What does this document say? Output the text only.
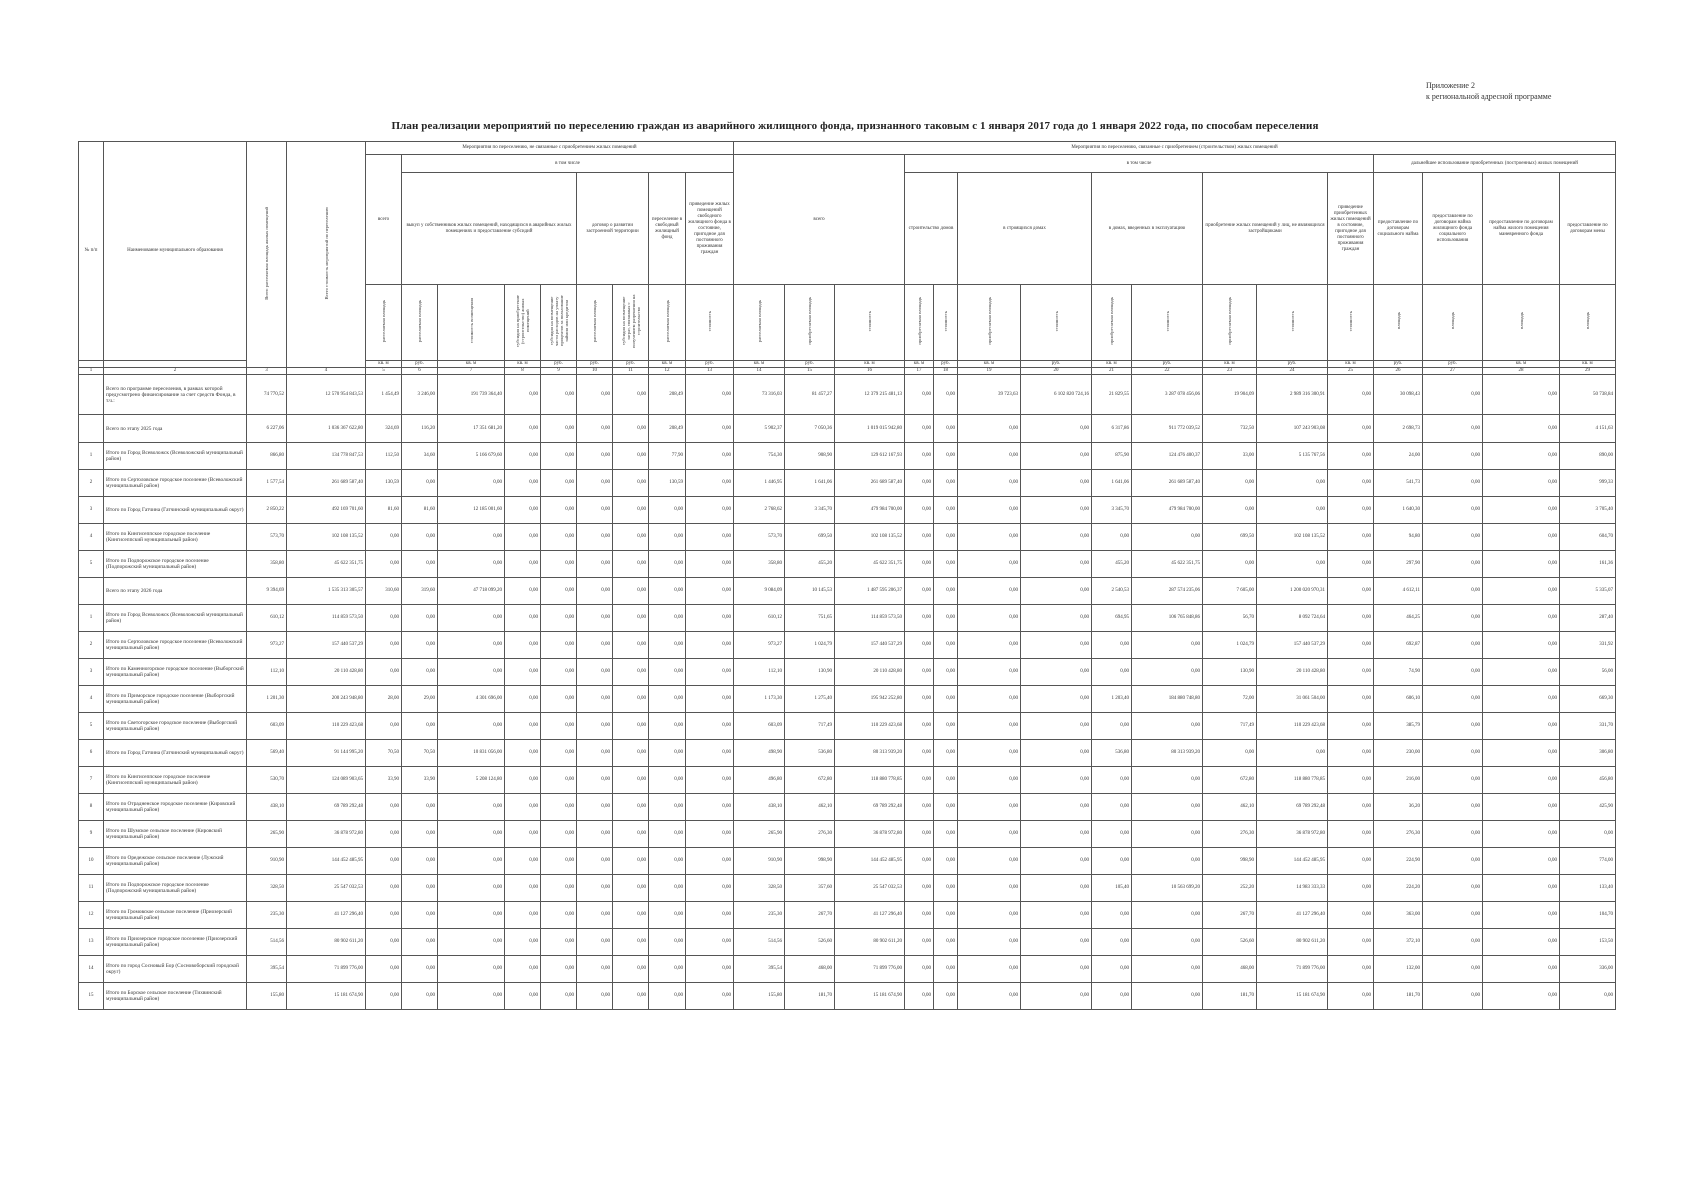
Приложение 2
к региональной адресной программе
План реализации мероприятий по переселению граждан из аварийного жилищного фонда, признанного таковым с 1 января 2017 года до 1 января 2022 года, по способам переселения
№ п/п	Наименование муниципального образования	Всего расселяемая площадь жилых помещений	Всего стоимость мероприятий по переселению	Мероприятия по переселению, не связанные с приобретением жилых помещений									Мероприятия по переселению, связанные с приобретением (строительством) жилых помещений															
				всего	в том числе								всего			в том числе									дальнейшее использование приобретенных (построенных) жилых помещений			
					выкуп у собственников жилых помещений, находящихся в аварийных жилых помещениях и предоставление субсидий				договор о развитии застроенной территории		переселение в свободный жилищный фонд	приведение жилых помещений свободного жилищного фонда в состояние, пригодное для постоянного проживания граждан				строительство домов		в строящихся домах		в домах, введенных в эксплуатацию		приобретение жилых помещений у лиц, не являющихся застройщиками		приведение приобретенных жилых помещений в состояние, пригодное для постоянного проживания граждан	предоставление по договорам социального найма	предоставление по договорам найма жилищного фонда социального использования	предоставление по договорам найма жилого помещения маневренного фонда	предоставление по договорам мены
				расселяемая площадь	расселяемая площадь	стоимость возмещения	субсидия на приобретение (строительство) жилых помещений	субсидия на возмещение части расходов на уплату процентов за пользование займом или кредитом	расселяемая площадь	субсидия на возмещение затрат, связанных с получением разрешения на строительство	расселяемая площадь	стоимость	расселяемая площадь	приобретаемая площадь	стоимость	приобретаемая площадь	стоимость	приобретаемая площадь	стоимость	приобретаемая площадь	стоимость	приобретаемая площадь	стоимость	стоимость	площадь	площадь	площадь	площадь
				кв. м	руб.	кв. м	кв. м	руб.	руб.	руб.	кв. м	руб.	кв. м	руб.	кв. м	кв. м	руб.	кв. м	руб.	кв. м	руб.	кв. м	руб.	кв. м	руб.	руб.	кв. м	кв. м
1	2	3	4	5	6	7	8	9	10	11	12	13	14	15	16	17	18	19	20	21	22	23	24	25	26	27	28	29
	Всего по программе переселения, в рамках которой предусмотрено финансирование за счет средств Фонда, в т.ч.:	74 770,52	12 570 954 843,53	1 454,49	3 246,00	191 739 364,40	0,00	0,00	0,00	0,00	208,49	0,00	73 316,03	81 457,27	12 379 215 481,13	0,00	0,00	39 723,63	6 102 820 724,16	21 829,55	3 287 078 456,06	19 904,09	2 989 316 300,91	0,00	30 098,43	0,00	0,00	50 738,84
	Всего по этапу 2025 года	6 227,06	1 036 367 622,80	324,69	116,20	17 351 681,20	0,00	0,00	0,00	0,00	208,49	0,00	5 902,37	7 050,36	1 019 015 942,80	0,00	0,00	0,00	0,00	6 317,86	911 772 039,52	732,50	107 243 903,08	0,00	2 698,73	0,00	0,00	4 151,63
1	Итого по Город Всеволожск (Всеволожский муниципальный район)	866,80	134 778 847,53	112,50	34,60	5 166 679,60	0,00	0,00	0,00	0,00	77,90	0,00	754,30	908,90	129 612 167,93	0,00	0,00	0,00	0,00	875,90	124 476 400,37	33,00	5 135 767,56	0,00	24,00	0,00	0,00	890,00
2	Итого по Сертоловское городское поселение (Всеволожский муниципальный район)	1 577,54	261 689 587,40	130,59	0,00	0,00	0,00	0,00	0,00	0,00	130,59	0,00	1 446,95	1 641,06	261 689 587,40	0,00	0,00	0,00	0,00	1 641,06	261 689 587,40	0,00	0,00	0,00	541,73	0,00	0,00	999,33
3	Итого по Город Гатчина (Гатчинский муниципальный округ)	2 850,22	492 169 701,60	81,60	81,60	12 185 001,60	0,00	0,00	0,00	0,00	0,00	0,00	2 768,62	3 345,70	479 984 700,00	0,00	0,00	0,00	0,00	3 345,70	479 984 700,00	0,00	0,00	0,00	1 640,30	0,00	0,00	3 705,40
4	Итого по Кингисеппское городское поселение (Кингисеппский муниципальный район)	573,70	102 108 135,52	0,00	0,00	0,00	0,00	0,00	0,00	0,00	0,00	0,00	573,70	699,50	102 108 135,52	0,00	0,00	0,00	0,00	0,00	0,00	699,50	102 108 135,52	0,00	94,80	0,00	0,00	604,70
5	Итого по Подпорожское городское поселение (Подпорожский муниципальный район)	358,80	45 622 351,75	0,00	0,00	0,00	0,00	0,00	0,00	0,00	0,00	0,00	358,80	455,20	45 622 351,75	0,00	0,00	0,00	0,00	455,20	45 622 351,75	0,00	0,00	0,00	297,90	0,00	0,00	161,36
	Всего по этапу 2026 года	9 394,69	1 535 313 305,57	310,60	319,60	47 718 099,20	0,00	0,00	0,00	0,00	0,00	0,00	9 084,09	10 145,53	1 487 595 206,37	0,00	0,00	0,00	0,00	2 540,53	287 574 235,06	7 605,00	1 200 020 970,31	0,00	4 612,11	0,00	0,00	5 335,07
1	Итого по Город Всеволожск (Всеволожский муниципальный район)	610,12	114 859 573,50	0,00	0,00	0,00	0,00	0,00	0,00	0,00	0,00	0,00	610,12	751,65	114 859 573,50	0,00	0,00	0,00	0,00	694,95	106 765 848,86	56,70	8 092 724,64	0,00	464,25	0,00	0,00	287,40
2	Итого по Сертоловское городское поселение (Всеволожский муниципальный район)	973,27	157 440 537,29	0,00	0,00	0,00	0,00	0,00	0,00	0,00	0,00	0,00	973,27	1 024,79	157 440 537,29	0,00	0,00	0,00	0,00	0,00	0,00	1 024,79	157 440 537,29	0,00	692,87	0,00	0,00	331,92
3	Итого по Каменногорское городское поселение (Выборгский муниципальный район)	112,10	20 110 428,80	0,00	0,00	0,00	0,00	0,00	0,00	0,00	0,00	0,00	112,10	130,90	20 110 428,80	0,00	0,00	0,00	0,00	0,00	0,00	130,90	20 110 428,80	0,00	74,90	0,00	0,00	56,00
4	Итого по Приморское городское поселение (Выборгский муниципальный район)	1 201,30	200 243 948,80	28,00	29,00	4 301 696,00	0,00	0,00	0,00	0,00	0,00	0,00	1 173,30	1 275,40	195 942 252,80	0,00	0,00	0,00	0,00	1 203,40	184 880 748,80	72,00	31 061 504,00	0,00	606,10	0,00	0,00	669,30
5	Итого по Светогорское городское поселение (Выборгский муниципальный район)	603,09	110 229 423,68	0,00	0,00	0,00	0,00	0,00	0,00	0,00	0,00	0,00	603,09	717,49	110 229 423,68	0,00	0,00	0,00	0,00	0,00	0,00	717,49	110 229 423,68	0,00	385,79	0,00	0,00	331,70
6	Итого по Город Гатчина (Гатчинский муниципальный округ)	569,40	91 144 995,20	70,50	70,50	10 831 056,00	0,00	0,00	0,00	0,00	0,00	0,00	498,90	536,80	80 313 939,20	0,00	0,00	0,00	0,00	536,80	80 313 939,20	0,00	0,00	0,00	230,00	0,00	0,00	306,80
7	Итого по Кингисеппское городское поселение (Кингисеппский муниципальный район)	530,70	124 089 903,65	33,90	33,90	5 208 124,80	0,00	0,00	0,00	0,00	0,00	0,00	496,80	672,80	118 880 778,85	0,00	0,00	0,00	0,00	0,00	0,00	672,80	118 880 778,85	0,00	216,00	0,00	0,00	456,80
8	Итого по Отрадненское городское поселение (Кировский муниципальный район)	438,10	69 789 292,48	0,00	0,00	0,00	0,00	0,00	0,00	0,00	0,00	0,00	438,10	462,10	69 789 292,48	0,00	0,00	0,00	0,00	0,00	0,00	462,10	69 789 292,48	0,00	36,20	0,00	0,00	425,90
9	Итого по Шумское сельское поселение (Кировский муниципальный район)	265,90	36 878 972,80	0,00	0,00	0,00	0,00	0,00	0,00	0,00	0,00	0,00	265,90	276,30	36 878 972,80	0,00	0,00	0,00	0,00	0,00	0,00	276,30	36 878 972,80	0,00	276,30	0,00	0,00	0,00
10	Итого по Оредежское сельское поселение (Лужский муниципальный район)	910,90	144 452 485,95	0,00	0,00	0,00	0,00	0,00	0,00	0,00	0,00	0,00	910,90	998,90	144 452 485,95	0,00	0,00	0,00	0,00	0,00	0,00	998,90	144 452 485,95	0,00	224,90	0,00	0,00	774,00
11	Итого по Подпорожское городское поселение (Подпорожский муниципальный район)	328,50	25 547 032,53	0,00	0,00	0,00	0,00	0,00	0,00	0,00	0,00	0,00	328,50	357,60	25 547 032,53	0,00	0,00	0,00	0,00	105,40	10 563 699,20	252,20	14 983 333,33	0,00	224,20	0,00	0,00	133,40
12	Итого по Громовское сельское поселение (Приозерский муниципальный район)	235,30	41 127 296,40	0,00	0,00	0,00	0,00	0,00	0,00	0,00	0,00	0,00	235,30	267,70	41 127 296,40	0,00	0,00	0,00	0,00	0,00	0,00	267,70	41 127 296,40	0,00	363,00	0,00	0,00	104,70
13	Итого по Приозерское городское поселение (Приозерский муниципальный район)	514,56	80 902 611,20	0,00	0,00	0,00	0,00	0,00	0,00	0,00	0,00	0,00	514,56	526,60	80 902 611,20	0,00	0,00	0,00	0,00	0,00	0,00	526,60	80 902 611,20	0,00	372,10	0,00	0,00	153,50
14	Итого по город Сосновый Бор (Сосновоборский городской округ)	395,54	71 899 776,00	0,00	0,00	0,00	0,00	0,00	0,00	0,00	0,00	0,00	395,54	468,00	71 899 776,00	0,00	0,00	0,00	0,00	0,00	0,00	468,00	71 899 776,00	0,00	132,00	0,00	0,00	336,00
15	Итого по Борское сельское поселение (Тихвинский муниципальный район)	155,80	15 181 674,90	0,00	0,00	0,00	0,00	0,00	0,00	0,00	0,00	0,00	155,80	181,70	15 181 674,90	0,00	0,00	0,00	0,00	0,00	0,00	181,70	15 181 674,90	0,00	181,70	0,00	0,00	0,00
